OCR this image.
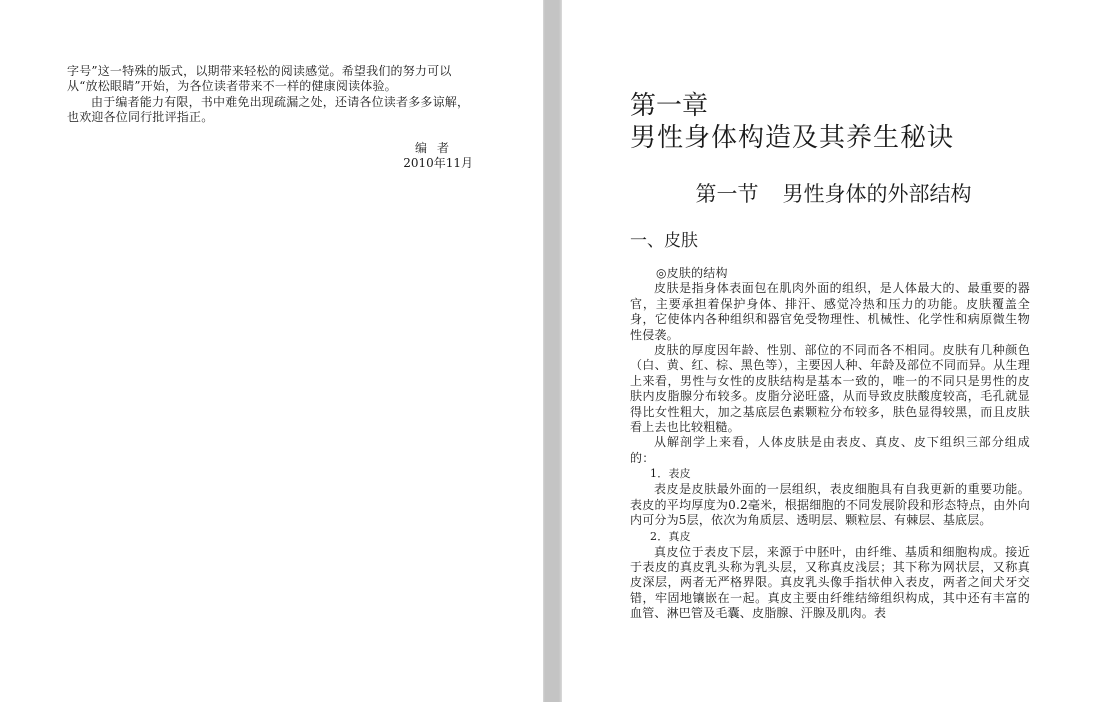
字号”这一特殊的版式，以期带来轻松的阅读感觉。希望我们的努力可以从“放松眼睛”开始，为各位读者带来不一样的健康阅读体验。

由于编者能力有限，书中难免出现疏漏之处，还请各位读者多多谅解，也欢迎各位同行批评指正。

编者
2010年11月
第一章
男性身体构造及其养生秘诀
第一节 男性身体的外部结构
一、皮肤

◎皮肤的结构

皮肤是指身体表面包在肌肉外面的组织，是人体最大的、最重要的器官，主要承担着保护身体、排汗、感觉冷热和压力的功能。皮肤覆盖全身，它使体内各种组织和器官免受物理性、机械性、化学性和病原微生物性侵袭。

皮肤的厚度因年龄、性别、部位的不同而各不相同。皮肤有几种颜色（白、黄、红、棕、黑色等），主要因人种、年龄及部位不同而异。从生理上来看，男性与女性的皮肤结构是基本一致的，唯一的不同只是男性的皮肤内皮脂腺分布较多。皮脂分泌旺盛，从而导致皮肤酸度较高，毛孔就显得比女性粗大，加之基底层色素颗粒分布较多，肤色显得较黑，而且皮肤看上去也比较粗糙。

从解剖学上来看，人体皮肤是由表皮、真皮、皮下组织三部分组成的：

1．表皮

表皮是皮肤最外面的一层组织，表皮细胞具有自我更新的重要功能。表皮的平均厚度为0.2毫米，根据细胞的不同发展阶段和形态特点，由外向内可分为5层，依次为角质层、透明层、颗粒层、有棘层、基底层。

2．真皮

真皮位于表皮下层，来源于中胚叶，由纤维、基质和细胞构成。接近于表皮的真皮乳头称为乳头层，又称真皮浅层；其下称为网状层，又称真皮深层，两者无严格界限。真皮乳头像手指状伸入表皮，两者之间犬牙交错，牢固地镶嵌在一起。真皮主要由纤维结缔组织构成，其中还有丰富的血管、淋巴管及毛囊、皮脂腺、汗腺及肌肉。表
